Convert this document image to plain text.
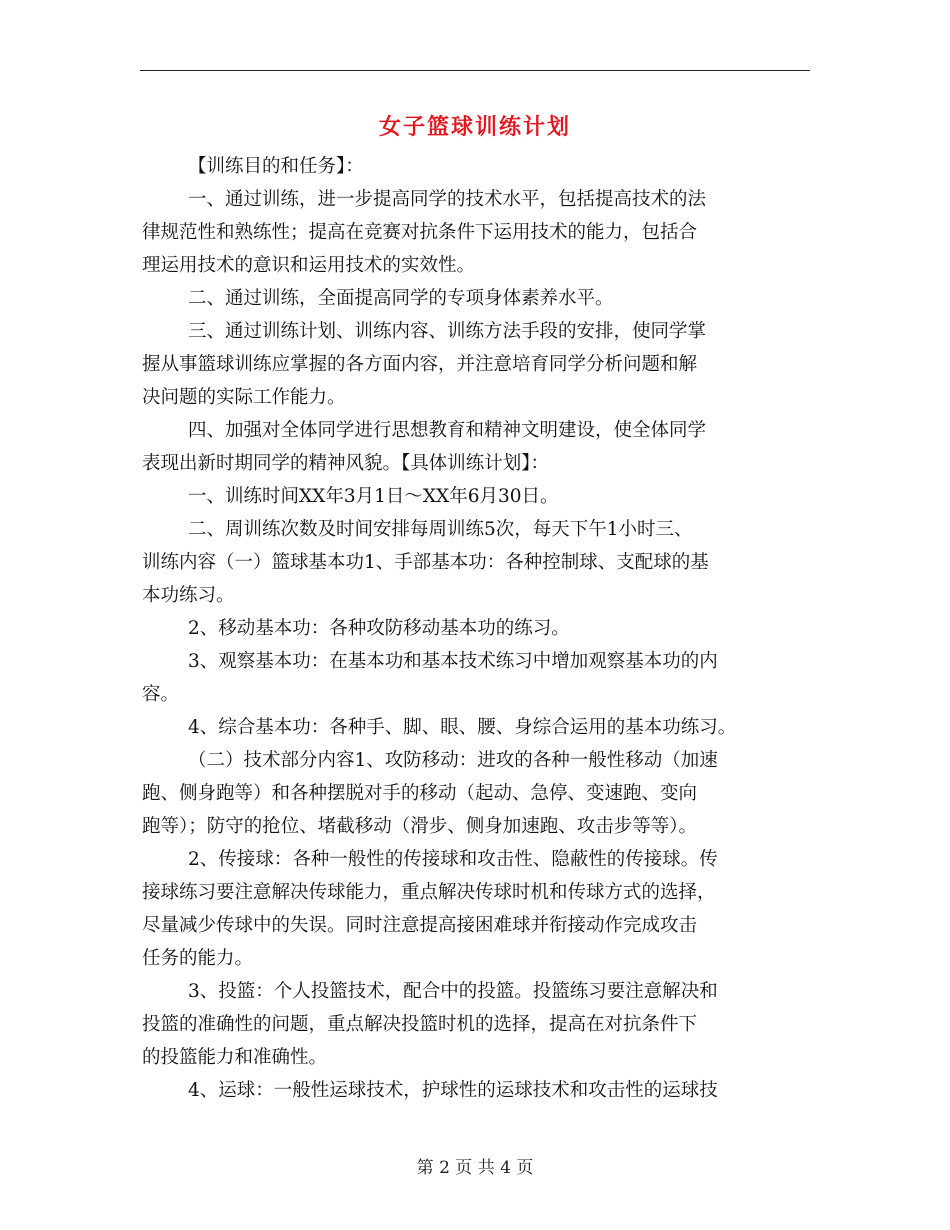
女子篮球训练计划

【训练目的和任务】：

一、通过训练，进一步提高同学的技术水平，包括提高技术的法

律规范性和熟练性；提高在竞赛对抗条件下运用技术的能力，包括合

理运用技术的意识和运用技术的实效性。

二、通过训练，全面提高同学的专项身体素养水平。

三、通过训练计划、训练内容、训练方法手段的安排，使同学掌

握从事篮球训练应掌握的各方面内容，并注意培育同学分析问题和解

决问题的实际工作能力。

四、加强对全体同学进行思想教育和精神文明建设，使全体同学

表现出新时期同学的精神风貌。【具体训练计划】：

一、训练时间XX年3月1日～XX年6月30日。

二、周训练次数及时间安排每周训练5次，每天下午1小时三、

训练内容（一）篮球基本功1、手部基本功：各种控制球、支配球的基

本功练习。

2、移动基本功：各种攻防移动基本功的练习。

3、观察基本功：在基本功和基本技术练习中增加观察基本功的内

容。

4、综合基本功：各种手、脚、眼、腰、身综合运用的基本功练习。

（二）技术部分内容1、攻防移动：进攻的各种一般性移动（加速

跑、侧身跑等）和各种摆脱对手的移动（起动、急停、变速跑、变向

跑等）；防守的抢位、堵截移动（滑步、侧身加速跑、攻击步等等）。

2、传接球：各种一般性的传接球和攻击性、隐蔽性的传接球。传

接球练习要注意解决传球能力，重点解决传球时机和传球方式的选择，

尽量减少传球中的失误。同时注意提高接困难球并衔接动作完成攻击

任务的能力。

3、投篮：个人投篮技术，配合中的投篮。投篮练习要注意解决和

投篮的准确性的问题，重点解决投篮时机的选择，提高在对抗条件下

的投篮能力和准确性。

4、运球：一般性运球技术，护球性的运球技术和攻击性的运球技

第 2 页 共 4 页
